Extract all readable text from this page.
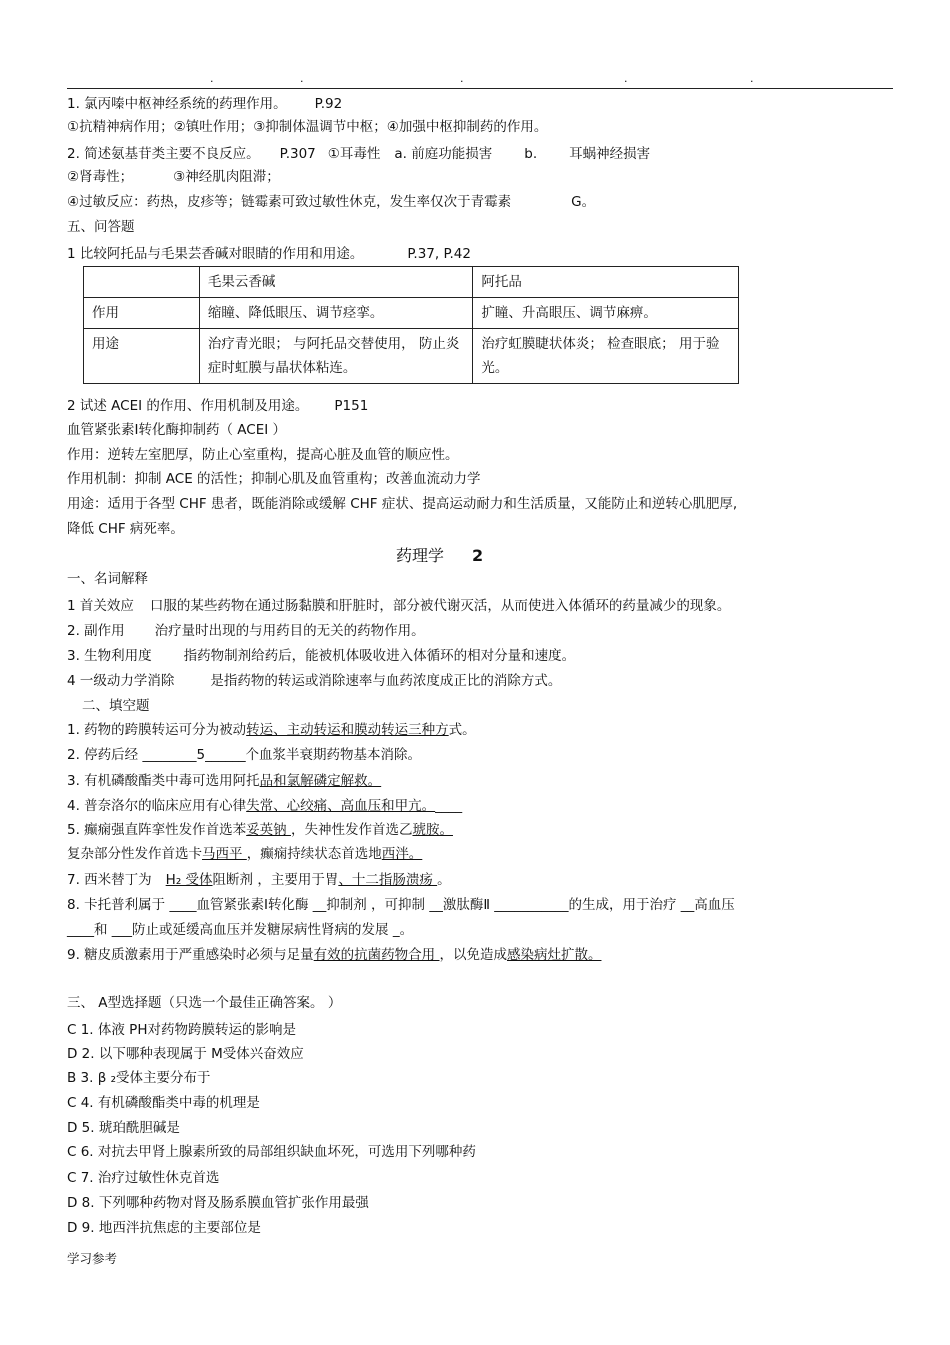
.	.	.	.	.
1. 氯丙嗪中枢神经系统的药理作用。 P.92
①抗精神病作用；②镇吐作用；③抑制体温调节中枢；④加强中枢抑制药的作用。
2. 简述氨基苷类主要不良反应。 P.307 ①耳毒性 a. 前庭功能损害 b. 耳蜗神经损害
②肾毒性；	③神经肌肉阻滞；
④过敏反应：药热，皮疹等；链霉素可致过敏性休克，发生率仅次于青霉素	G。
五、问答题
1 比较阿托品与毛果芸香碱对眼睛的作用和用途。	P.37, P.42
	毛果云香碱	阿托品
作用	缩瞳、降低眼压、调节痉挛。	扩瞳、升高眼压、调节麻痹。
用途	治疗青光眼； 与阿托品交替使用， 防止炎症时虹膜与晶状体粘连。	治疗虹膜睫状体炎； 检查眼底； 用于验光。
2 试述 ACEI 的作用、作用机制及用途。 P151
血管紧张素Ⅰ转化酶抑制药（ ACEI ）
作用：逆转左室肥厚，防止心室重构，提高心脏及血管的顺应性。
作用机制：抑制 ACE 的活性；抑制心肌及血管重构；改善血流动力学
用途：适用于各型 CHF 患者，既能消除或缓解 CHF 症状、提高运动耐力和生活质量，又能防止和逆转心肌肥厚,
降低 CHF 病死率。
药理学 2
一、名词解释
1 首关效应 口服的某些药物在通过肠黏膜和肝脏时，部分被代谢灭活，从而使进入体循环的药量减少的现象。
2. 副作用 治疗量时出现的与用药目的无关的药物作用。
3. 生物利用度 指药物制剂给药后，能被机体吸收进入体循环的相对分量和速度。
4 一级动力学消除	是指药物的转运或消除速率与血药浓度成正比的消除方式。
二、填空题
1. 药物的跨膜转运可分为被动转运、主动转运和膜动转运三种方式。
2. 停药后经 ________5______个血浆半衰期药物基本消除。
3. 有机磷酸酯类中毒可选用阿托品和氯解磷定解救。
4. 普奈洛尔的临床应用有心律失常、心绞痛、高血压和甲亢。____
5. 癫痫强直阵挛性发作首选苯妥英钠 ，失神性发作首选乙琥胺。
复杂部分性发作首选卡马西平 ，癫痫持续状态首选地西泮。
7. 西米替丁为 H₂ 受体阻断剂 ，主要用于胃、十二指肠溃疡 。
8. 卡托普利属于 ____血管紧张素Ⅰ转化酶 __抑制剂 ，可抑制 __激肽酶Ⅱ ___________的生成，用于治疗 __高血压
____和 ___防止或延缓高血压并发糖尿病性肾病的发展 _。
9. 糖皮质激素用于严重感染时必须与足量有效的抗菌药物合用 ，以免造成感染病灶扩散。
三、 A型选择题（只选一个最佳正确答案。 ）
C 1. 体液 PH对药物跨膜转运的影响是
D 2. 以下哪种表现属于 M受体兴奋效应
B 3. β ₂受体主要分布于
C 4. 有机磷酸酯类中毒的机理是
D 5. 琥珀酰胆碱是
C 6. 对抗去甲肾上腺素所致的局部组织缺血坏死，可选用下列哪种药
C 7. 治疗过敏性休克首选
D 8. 下列哪种药物对肾及肠系膜血管扩张作用最强
D 9. 地西泮抗焦虑的主要部位是
学习参考
